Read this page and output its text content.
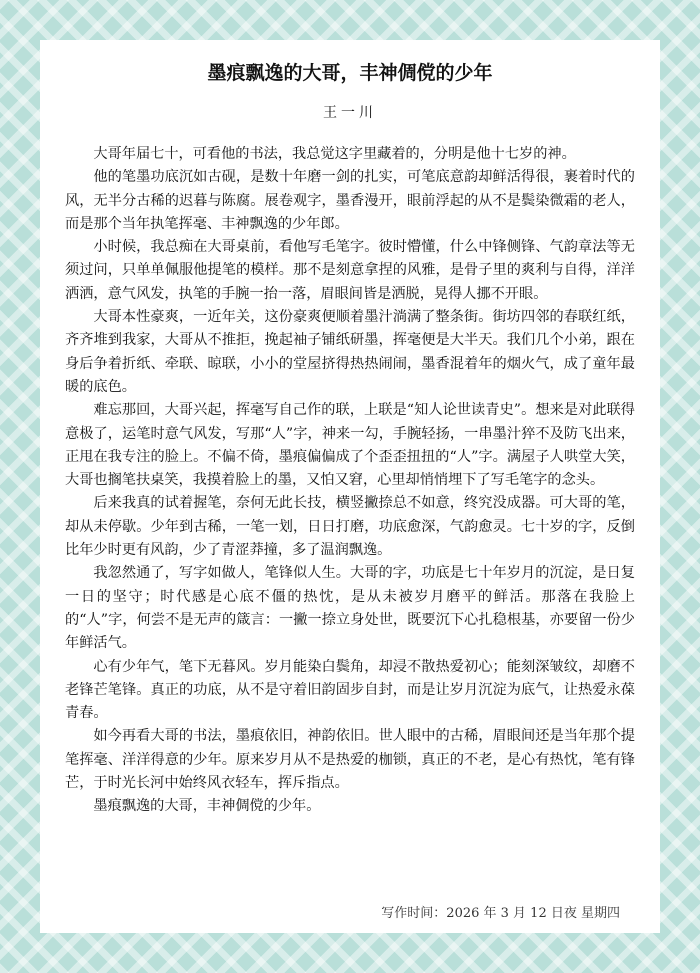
墨痕飘逸的大哥，丰神倜傥的少年
王一川

大哥年届七十，可看他的书法，我总觉这字里藏着的，分明是他十七岁的神。

他的笔墨功底沉如古砚，是数十年磨一剑的扎实，可笔底意韵却鲜活得很，裹着时代的风，无半分古稀的迟暮与陈腐。展卷观字，墨香漫开，眼前浮起的从不是鬓染微霜的老人，而是那个当年执笔挥毫、丰神飘逸的少年郎。

小时候，我总痴在大哥桌前，看他写毛笔字。彼时懵懂，什么中锋侧锋、气韵章法等无须过问，只单单佩服他提笔的模样。那不是刻意拿捏的风雅，是骨子里的爽利与自得，洋洋洒洒，意气风发，执笔的手腕一抬一落，眉眼间皆是洒脱，晃得人挪不开眼。

大哥本性豪爽，一近年关，这份豪爽便顺着墨汁淌满了整条街。街坊四邻的春联红纸，齐齐堆到我家，大哥从不推拒，挽起袖子铺纸研墨，挥毫便是大半天。我们几个小弟，跟在身后争着折纸、牵联、晾联，小小的堂屋挤得热热闹闹，墨香混着年的烟火气，成了童年最暖的底色。

难忘那回，大哥兴起，挥毫写自己作的联，上联是“知人论世读青史”。想来是对此联得意极了，运笔时意气风发，写那“人”字，神来一勾，手腕轻扬，一串墨汁猝不及防飞出来，正甩在我专注的脸上。不偏不倚，墨痕偏偏成了个歪歪扭扭的“人”字。满屋子人哄堂大笑，大哥也搁笔扶桌笑，我摸着脸上的墨，又怕又窘，心里却悄悄埋下了写毛笔字的念头。

后来我真的试着握笔，奈何无此长技，横竖撇捺总不如意，终究没成器。可大哥的笔，却从未停歇。少年到古稀，一笔一划，日日打磨，功底愈深，气韵愈灵。七十岁的字，反倒比年少时更有风韵，少了青涩莽撞，多了温润飘逸。

我忽然通了，写字如做人，笔锋似人生。大哥的字，功底是七十年岁月的沉淀，是日复一日的坚守；时代感是心底不僵的热忱，是从未被岁月磨平的鲜活。那落在我脸上的“人”字，何尝不是无声的箴言：一撇一捺立身处世，既要沉下心扎稳根基，亦要留一份少年鲜活气。

心有少年气，笔下无暮风。岁月能染白鬓角，却浸不散热爱初心；能刻深皱纹，却磨不老锋芒笔锋。真正的功底，从不是守着旧韵固步自封，而是让岁月沉淀为底气，让热爱永葆青春。

如今再看大哥的书法，墨痕依旧，神韵依旧。世人眼中的古稀，眉眼间还是当年那个提笔挥毫、洋洋得意的少年。原来岁月从不是热爱的枷锁，真正的不老，是心有热忱，笔有锋芒，于时光长河中始终风衣轻车，挥斥指点。

墨痕飘逸的大哥，丰神倜傥的少年。

写作时间：2026 年 3 月 12 日夜 星期四
